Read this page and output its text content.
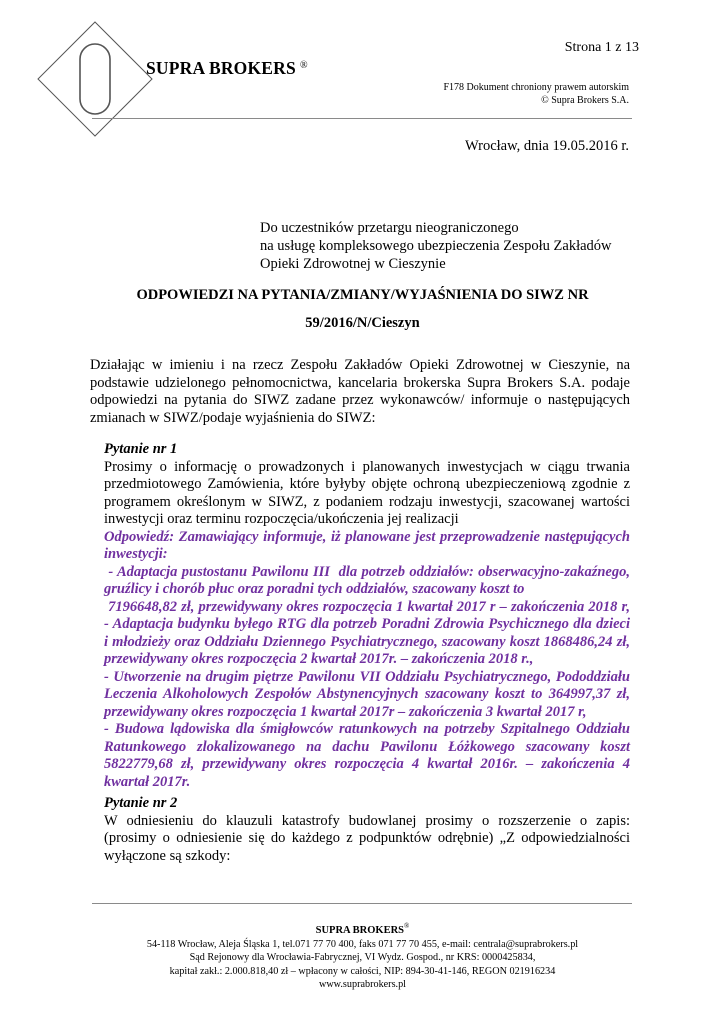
SUPRA BROKERS ®
Strona 1 z 13
F178 Dokument chroniony prawem autorskim
© Supra Brokers S.A.
Wrocław, dnia 19.05.2016 r.
Do uczestników przetargu nieograniczonego
na usługę kompleksowego ubezpieczenia Zespołu Zakładów
Opieki Zdrowotnej w Cieszynie
ODPOWIEDZI NA PYTANIA/ZMIANY/WYJAŚNIENIA DO SIWZ NR
59/2016/N/Cieszyn
Działając w imieniu i na rzecz Zespołu Zakładów Opieki Zdrowotnej w Cieszynie, na
podstawie udzielonego pełnomocnictwa, kancelaria brokerska Supra Brokers S.A. podaje
odpowiedzi na pytania do SIWZ zadane przez wykonawców/ informuje o następujących
zmianach w SIWZ/podaje wyjaśnienia do SIWZ:
Pytanie nr 1
Prosimy o informację o prowadzonych i planowanych inwestycjach w ciągu trwania
przedmiotowego Zamówienia, które byłyby objęte ochroną ubezpieczeniową zgodnie z
programem określonym w SIWZ, z podaniem rodzaju inwestycji, szacowanej wartości
inwestycji oraz terminu rozpoczęcia/ukończenia jej realizacji
Odpowiedź: Zamawiający informuje, iż planowane jest przeprowadzenie następujących
inwestycji:
- Adaptacja pustostanu Pawilonu III  dla potrzeb oddziałów: obserwacyjno-zakaźnego,
gruźlicy i chorób płuc oraz poradni tych oddziałów, szacowany koszt to
7196648,82 zł, przewidywany okres rozpoczęcia 1 kwartał 2017 r – zakończenia 2018 r,
- Adaptacja budynku byłego RTG dla potrzeb Poradni Zdrowia Psychicznego dla dzieci
i młodzieży oraz Oddziału Dziennego Psychiatrycznego, szacowany koszt 1868486,24 zł,
przewidywany okres rozpoczęcia 2 kwartał 2017r. – zakończenia 2018 r.,
- Utworzenie na drugim piętrze Pawilonu VII Oddziału Psychiatrycznego, Pododdziału
Leczenia Alkoholowych Zespołów Abstynencyjnych szacowany koszt to 364997,37 zł,
przewidywany okres rozpoczęcia 1 kwartał 2017r – zakończenia 3 kwartał 2017 r,
- Budowa lądowiska dla śmigłowców ratunkowych na potrzeby Szpitalnego Oddziału
Ratunkowego zlokalizowanego na dachu Pawilonu Łóżkowego szacowany koszt
5822779,68 zł, przewidywany okres rozpoczęcia 4 kwartał 2016r. – zakończenia 4
kwartał 2017r.
Pytanie nr 2
W odniesieniu do klauzuli katastrofy budowlanej prosimy o rozszerzenie o zapis:
(prosimy o odniesienie się do każdego z podpunktów odrębnie) „Z odpowiedzialności
wyłączone są szkody:
SUPRA BROKERS®
54-118 Wrocław, Aleja Śląska 1, tel.071 77 70 400, faks 071 77 70 455, e-mail: centrala@suprabrokers.pl
Sąd Rejonowy dla Wrocławia-Fabrycznej, VI Wydz. Gospod., nr KRS: 0000425834,
kapitał zakł.: 2.000.818,40 zł – wpłacony w całości, NIP: 894-30-41-146, REGON 021916234
www.suprabrokers.pl
